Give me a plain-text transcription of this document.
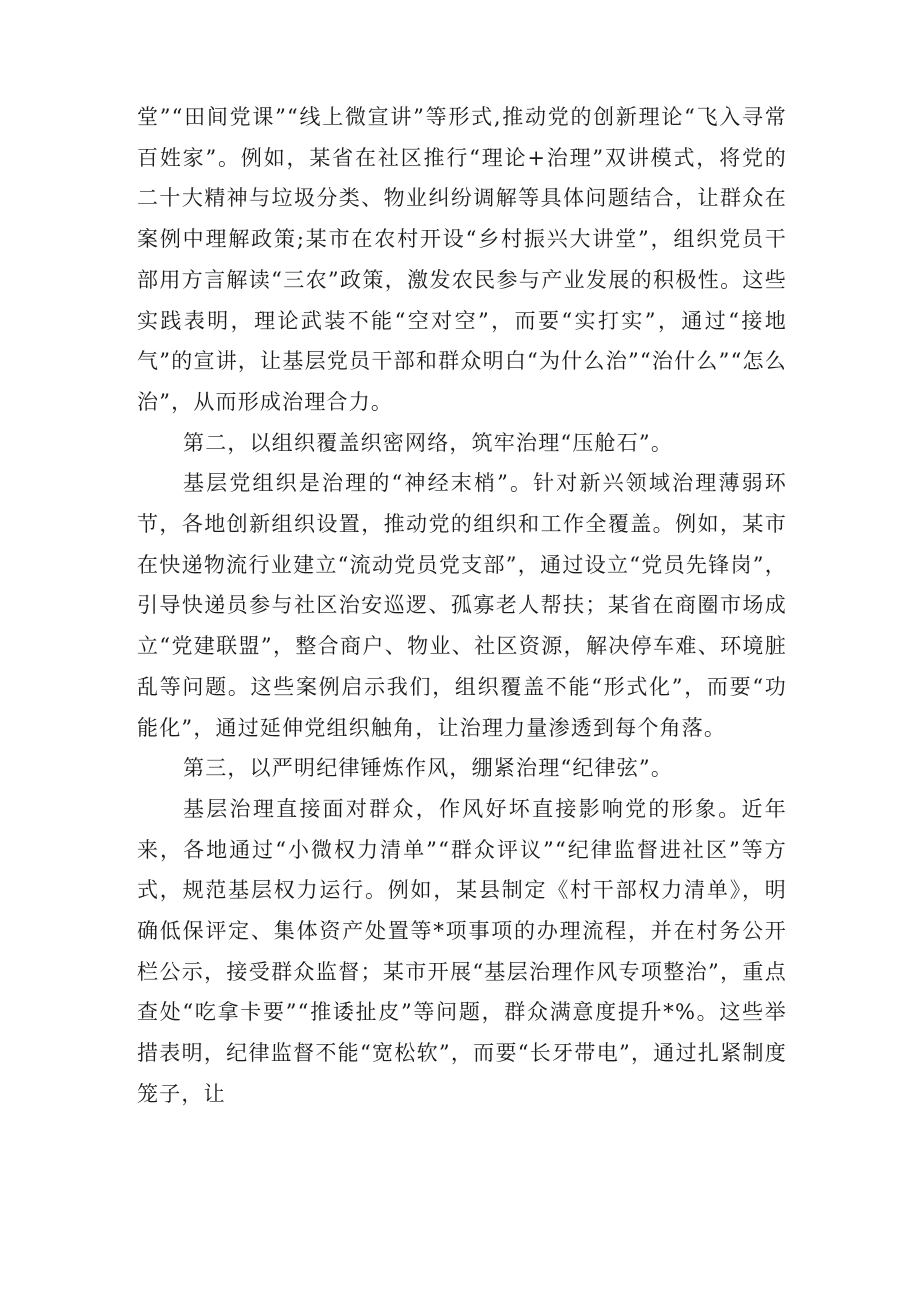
堂”“田间党课”“线上微宣讲”等形式,推动党的创新理论“飞入寻常百姓家”。例如，某省在社区推行“理论+治理”双讲模式，将党的二十大精神与垃圾分类、物业纠纷调解等具体问题结合，让群众在案例中理解政策;某市在农村开设“乡村振兴大讲堂”，组织党员干部用方言解读“三农”政策，激发农民参与产业发展的积极性。这些实践表明，理论武装不能“空对空”，而要“实打实”，通过“接地气”的宣讲，让基层党员干部和群众明白“为什么治”“治什么”“怎么治”，从而形成治理合力。

第二，以组织覆盖织密网络，筑牢治理“压舱石”。

基层党组织是治理的“神经末梢”。针对新兴领域治理薄弱环节，各地创新组织设置，推动党的组织和工作全覆盖。例如，某市在快递物流行业建立“流动党员党支部”，通过设立“党员先锋岗”，引导快递员参与社区治安巡逻、孤寡老人帮扶；某省在商圈市场成立“党建联盟”，整合商户、物业、社区资源，解决停车难、环境脏乱等问题。这些案例启示我们，组织覆盖不能“形式化”，而要“功能化”，通过延伸党组织触角，让治理力量渗透到每个角落。

第三，以严明纪律锤炼作风，绷紧治理“纪律弦”。

基层治理直接面对群众，作风好坏直接影响党的形象。近年来，各地通过“小微权力清单”“群众评议”“纪律监督进社区”等方式，规范基层权力运行。例如，某县制定《村干部权力清单》，明确低保评定、集体资产处置等*项事项的办理流程，并在村务公开栏公示，接受群众监督；某市开展“基层治理作风专项整治”，重点查处“吃拿卡要”“推诿扯皮”等问题，群众满意度提升*%。这些举措表明，纪律监督不能“宽松软”，而要“长牙带电”，通过扎紧制度笼子，让
